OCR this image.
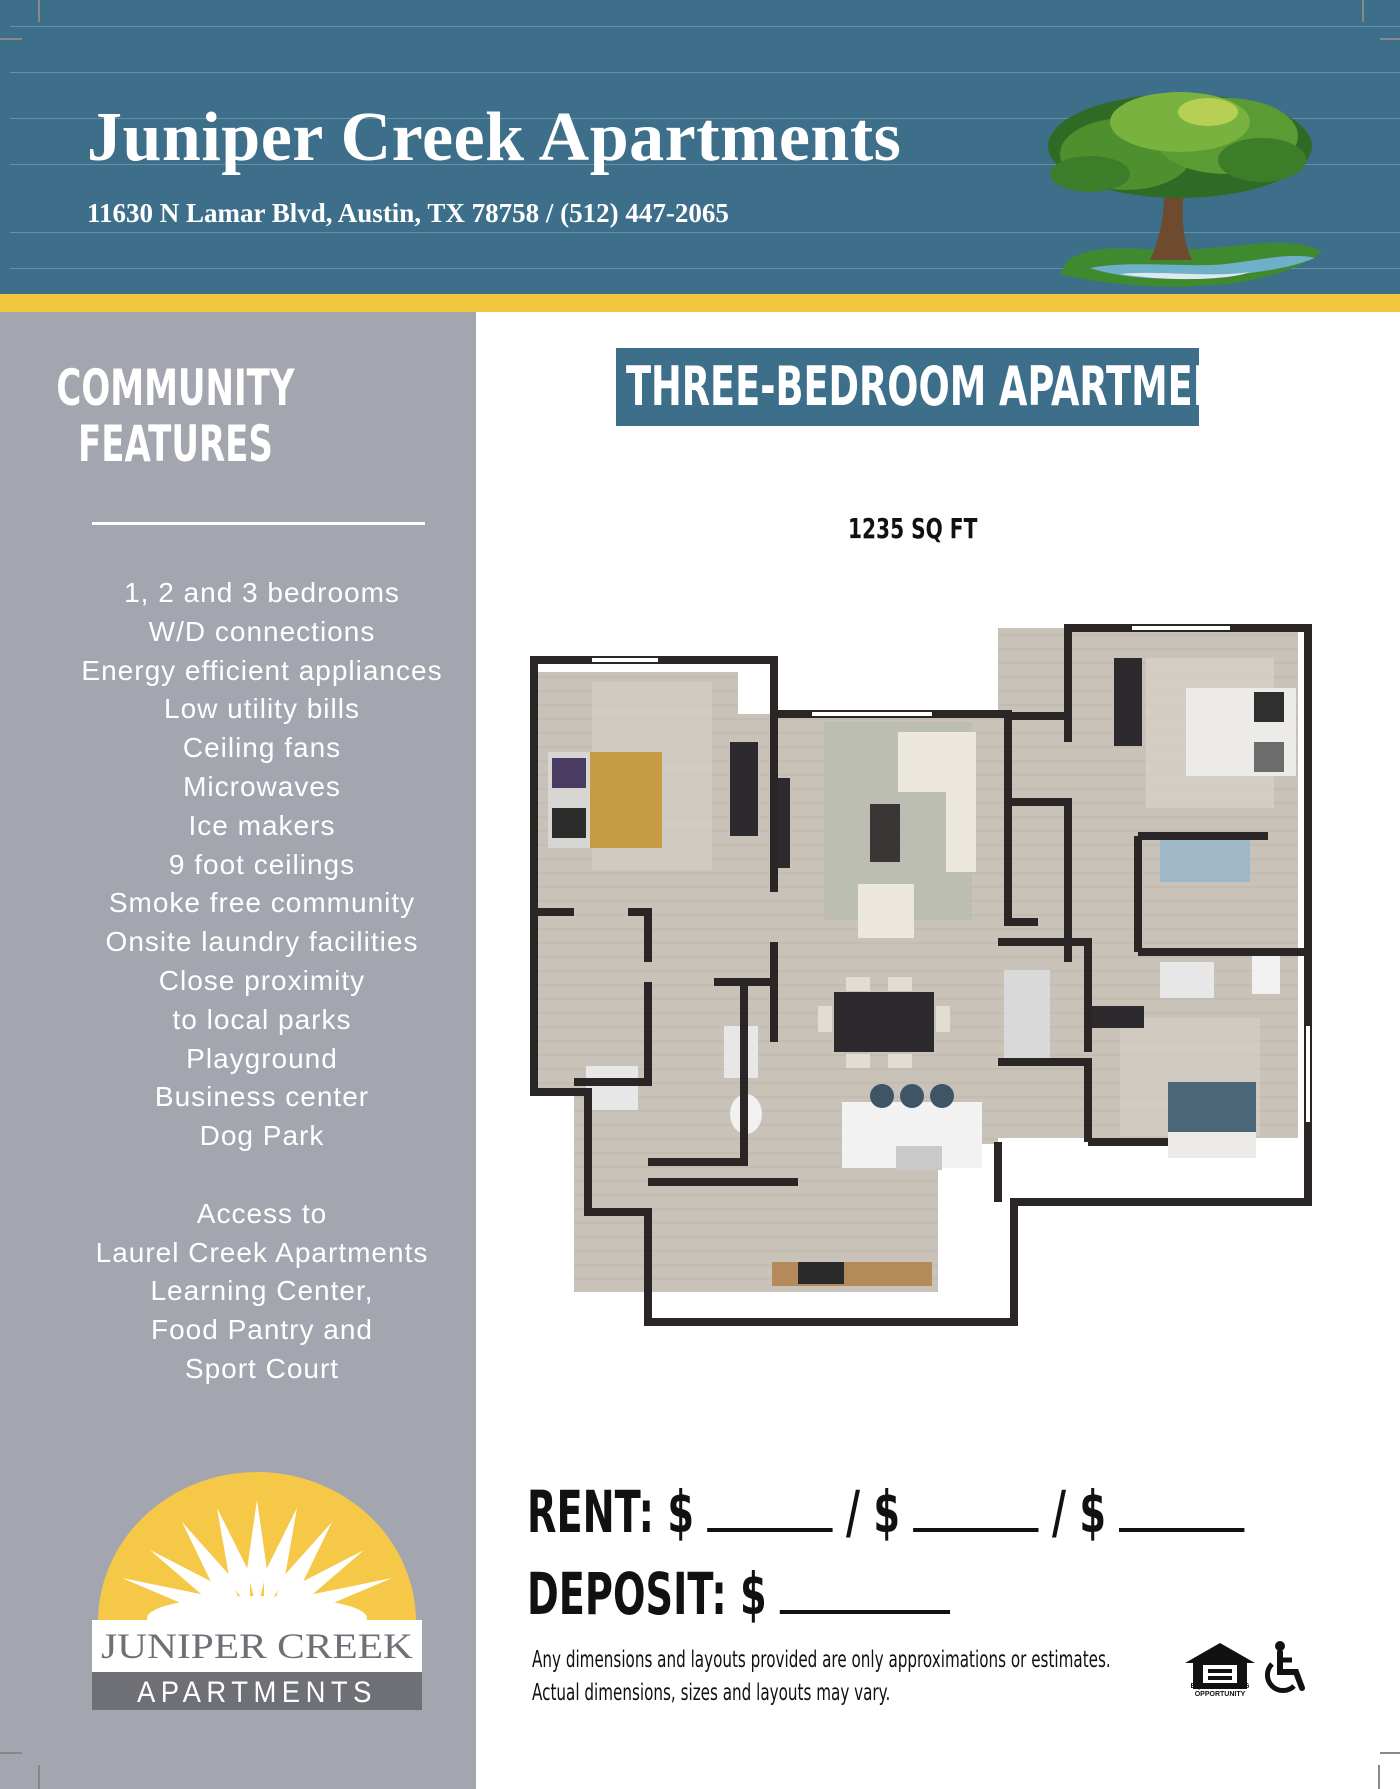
Juniper Creek Apartments
11630 N Lamar Blvd, Austin, TX 78758 / (512) 447-2065
COMMUNITY
FEATURES
1, 2 and 3 bedrooms
W/D connections
Energy efficient appliances
Low utility bills
Ceiling fans
Microwaves
Ice makers
9 foot ceilings
Smoke free community
Onsite laundry facilities
Close proximity
to local parks
Playground
Business center
Dog Park
Access to
Laurel Creek Apartments
Learning Center,
Food Pantry and
Sport Court
JUNIPER CREEK
APARTMENTS
THREE-BEDROOM APARTMENTS
1235 SQ FT
RENT: $	/ $	/ $
DEPOSIT: $
Any dimensions and layouts provided are only approximations or estimates.
Actual dimensions, sizes and layouts may vary.	EQUAL HOUSING OPPORTUNITY
